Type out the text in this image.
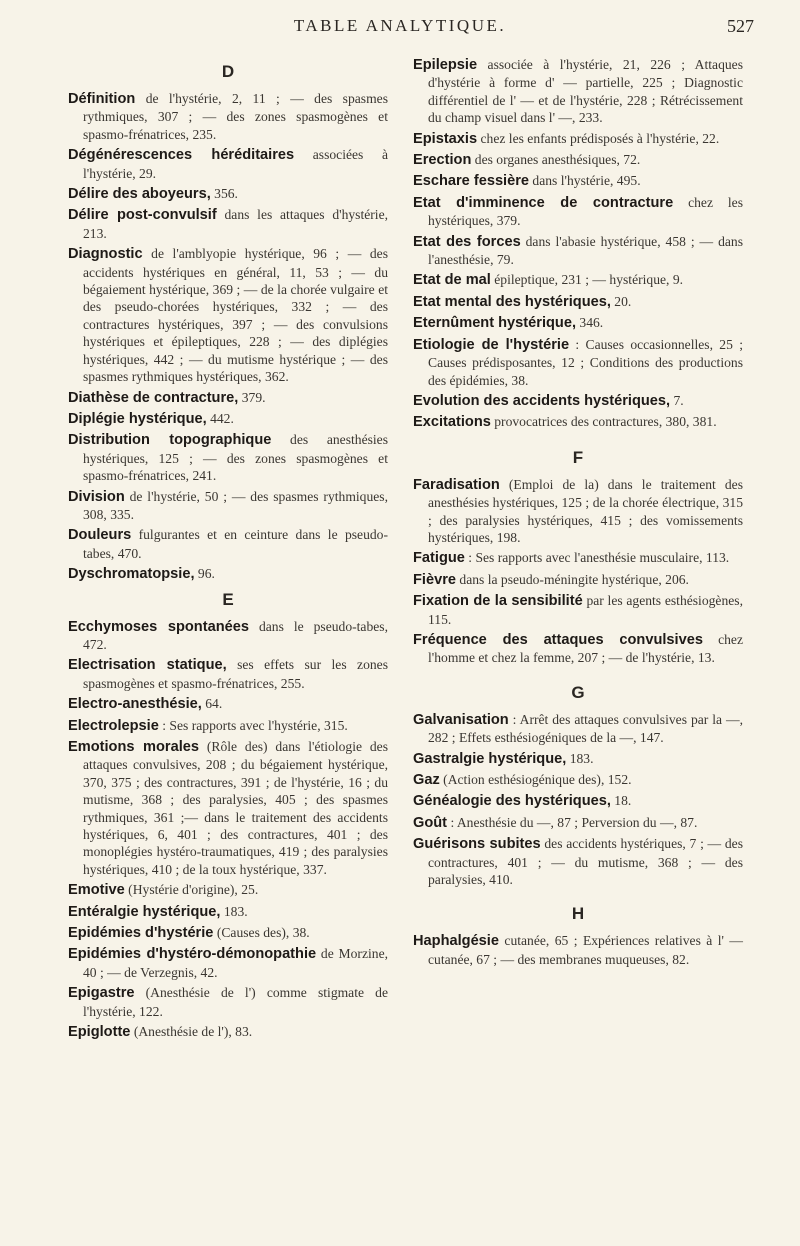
TABLE ANALYTIQUE.	527
D
Définition de l'hystérie, 2, 11 ; — des spasmes rythmiques, 307 ; — des zones spasmogènes et spasmo-frénatrices, 235.
Dégénérescences héréditaires associées à l'hystérie, 29.
Délire des aboyeurs, 356.
Délire post-convulsif dans les attaques d'hystérie, 213.
Diagnostic de l'amblyopie hystérique, 96 ; — des accidents hystériques en général, 11, 53 ; — du bégaiement hystérique, 369 ; — de la chorée vulgaire et des pseudo-chorées hystériques, 332 ; — des contractures hystériques, 397 ; — des convulsions hystériques et épileptiques, 228 ; — des diplégies hystériques, 442 ; — du mutisme hystérique ; — des spasmes rythmiques hystériques, 362.
Diathèse de contracture, 379.
Diplégie hystérique, 442.
Distribution topographique des anesthésies hystériques, 125 ; — des zones spasmogènes et spasmo-frénatrices, 241.
Division de l'hystérie, 50 ; — des spasmes rythmiques, 308, 335.
Douleurs fulgurantes et en ceinture dans le pseudo-tabes, 470.
Dyschromatopsie, 96.
E
Ecchymoses spontanées dans le pseudo-tabes, 472.
Electrisation statique, ses effets sur les zones spasmogènes et spasmo-frénatrices, 255.
Electro-anesthésie, 64.
Electrolepsie : Ses rapports avec l'hystérie, 315.
Emotions morales (Rôle des) dans l'étiologie des attaques convulsives, 208 ; du bégaiement hystérique, 370, 375 ; des contractures, 391 ; de l'hystérie, 16 ; du mutisme, 368 ; des paralysies, 405 ; des spasmes rythmiques, 361 ;— dans le traitement des accidents hystériques, 6, 401 ; des contractures, 401 ; des monoplégies hystéro-traumatiques, 419 ; des paralysies hystériques, 410 ; de la toux hystérique, 337.
Emotive (Hystérie d'origine), 25.
Entéralgie hystérique, 183.
Epidémies d'hystérie (Causes des), 38.
Epidémies d'hystéro-démonopathie de Morzine, 40 ; — de Verzegnis, 42.
Epigastre (Anesthésie de l') comme stigmate de l'hystérie, 122.
Epiglotte (Anesthésie de l'), 83.
Epilepsie associée à l'hystérie, 21, 226 ; Attaques d'hystérie à forme d' — partielle, 225 ; Diagnostic différentiel de l' — et de l'hystérie, 228 ; Rétrécissement du champ visuel dans l' —, 233.
Epistaxis chez les enfants prédisposés à l'hystérie, 22.
Erection des organes anesthésiques, 72.
Eschare fessière dans l'hystérie, 495.
Etat d'imminence de contracture chez les hystériques, 379.
Etat des forces dans l'abasie hystérique, 458 ; — dans l'anesthésie, 79.
Etat de mal épileptique, 231 ; — hystérique, 9.
Etat mental des hystériques, 20.
Eternûment hystérique, 346.
Etiologie de l'hystérie : Causes occasionnelles, 25 ; Causes prédisposantes, 12 ; Conditions des productions des épidémies, 38.
Evolution des accidents hystériques, 7.
Excitations provocatrices des contractures, 380, 381.
F
Faradisation (Emploi de la) dans le traitement des anesthésies hystériques, 125 ; de la chorée électrique, 315 ; des paralysies hystériques, 415 ; des vomissements hystériques, 198.
Fatigue : Ses rapports avec l'anesthésie musculaire, 113.
Fièvre dans la pseudo-méningite hystérique, 206.
Fixation de la sensibilité par les agents esthésiogènes, 115.
Fréquence des attaques convulsives chez l'homme et chez la femme, 207 ; — de l'hystérie, 13.
G
Galvanisation : Arrêt des attaques convulsives par la —, 282 ; Effets esthésiogéniques de la —, 147.
Gastralgie hystérique, 183.
Gaz (Action esthésiogénique des), 152.
Généalogie des hystériques, 18.
Goût : Anesthésie du —, 87 ; Perversion du —, 87.
Guérisons subites des accidents hystériques, 7 ; — des contractures, 401 ; — du mutisme, 368 ; — des paralysies, 410.
H
Haphalgésie cutanée, 65 ; Expériences relatives à l' — cutanée, 67 ; — des membranes muqueuses, 82.
